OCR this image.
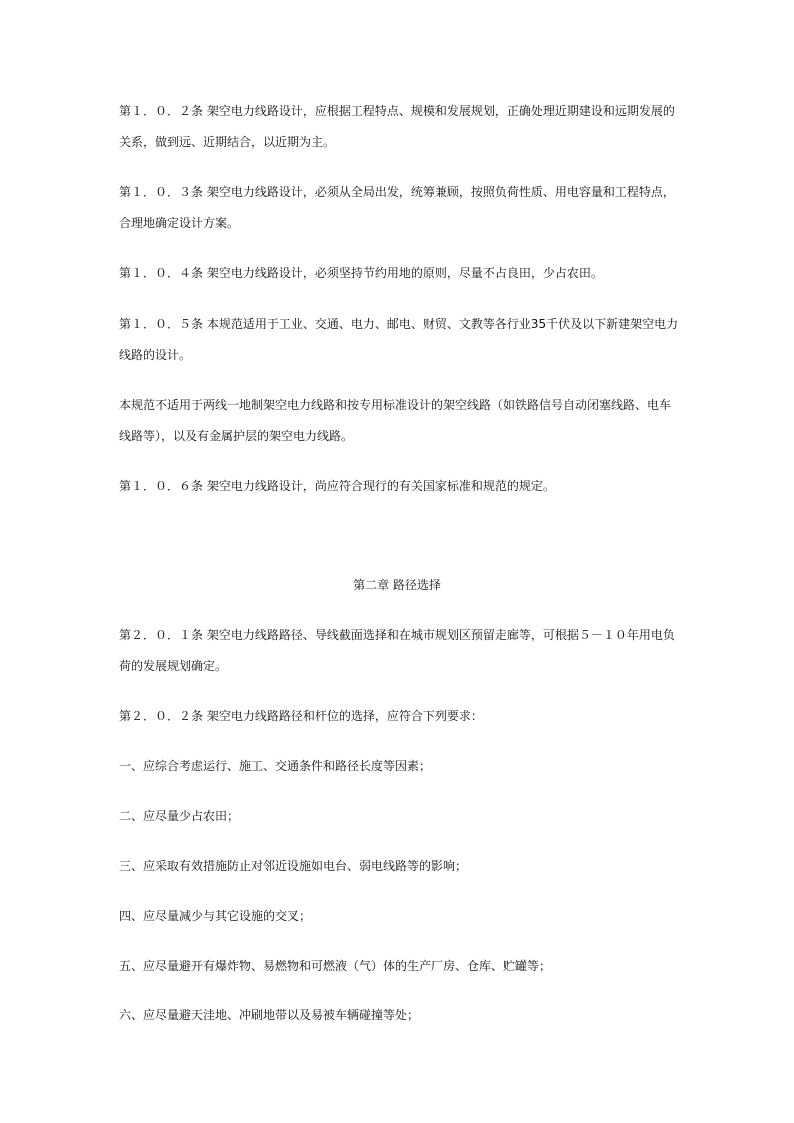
第１．０．２条 架空电力线路设计，应根据工程特点、规模和发展规划，正确处理近期建设和远期发展的关系，做到远、近期结合，以近期为主。

第１．０．３条 架空电力线路设计，必须从全局出发，统筹兼顾，按照负荷性质、用电容量和工程特点，合理地确定设计方案。

第１．０．４条 架空电力线路设计，必须坚持节约用地的原则，尽量不占良田，少占农田。

第１．０．５条 本规范适用于工业、交通、电力、邮电、财贸、文教等各行业35千伏及以下新建架空电力线路的设计。

本规范不适用于两线一地制架空电力线路和按专用标准设计的架空线路（如铁路信号自动闭塞线路、电车线路等），以及有金属护层的架空电力线路。

第１．０．６条 架空电力线路设计，尚应符合现行的有关国家标准和规范的规定。

第二章 路径选择

第２．０．１条 架空电力线路路径、导线截面选择和在城市规划区预留走廊等，可根据５－１０年用电负荷的发展规划确定。

第２．０．２条 架空电力线路路径和杆位的选择，应符合下列要求：

一、应综合考虑运行、施工、交通条件和路径长度等因素；

二、应尽量少占农田；

三、应采取有效措施防止对邻近设施如电台、弱电线路等的影响；

四、应尽量减少与其它设施的交叉；

五、应尽量避开有爆炸物、易燃物和可燃液（气）体的生产厂房、仓库、贮罐等；

六、应尽量避天洼地、冲刷地带以及易被车辆碰撞等处；
